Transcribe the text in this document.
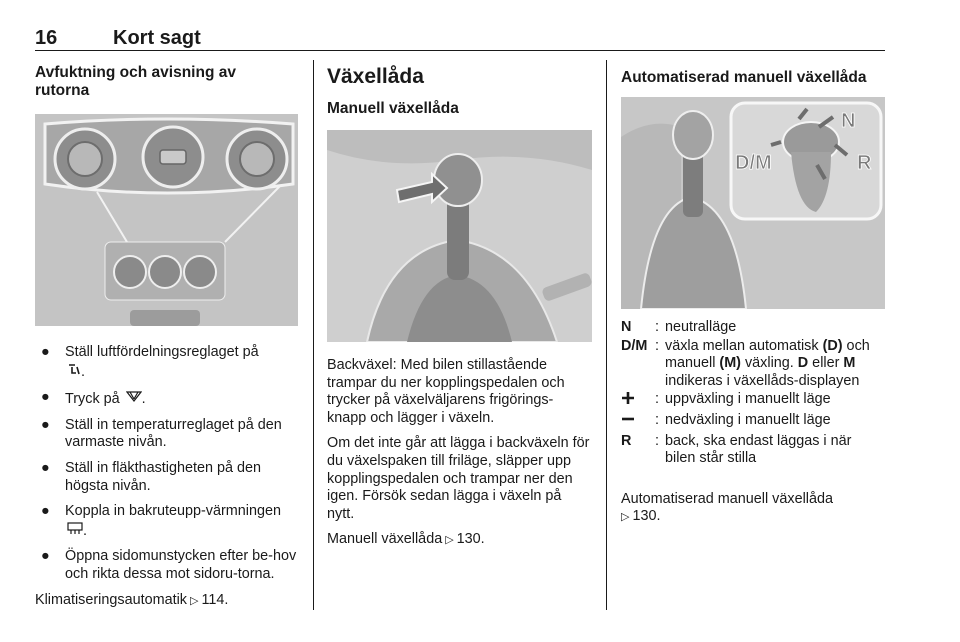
16	Kort sagt
Avfuktning och avisning av
rutorna
● Ställ luftfördelningsreglaget på
.
● Tryck på .
● Ställ in temperaturreglaget på den varmaste nivån.
● Ställ in fläkthastigheten på den högsta nivån.
● Koppla in bakruteupp-värmningen .
● Öppna sidomunstycken efter be-hov och rikta dessa mot sidoru-torna.

Klimatiseringsautomatik ▷ 114.

Växellåda
Manuell växellåda

Backväxel: Med bilen stillastående trampar du ner kopplingspedalen och trycker på växelväljarens frigörings-knapp och lägger i växeln.

Om det inte går att lägga i backväxeln för du växelspaken till friläge, släpper upp kopplingspedalen och trampar ner den igen. Försök sedan lägga i växeln på nytt.

Manuell växellåda ▷ 130.

Automatiserad manuell växellåda
D/M
N
R
N	:	neutralläge
D/M	:	växla mellan automatisk (D) och manuell (M) växling. D eller M indikeras i växellåds-displayen
	:	uppväxling i manuellt läge
	:	nedväxling i manuellt läge
R	:	back, ska endast läggas i när bilen står stilla

Automatiserad manuell växellåda
▷ 130.
